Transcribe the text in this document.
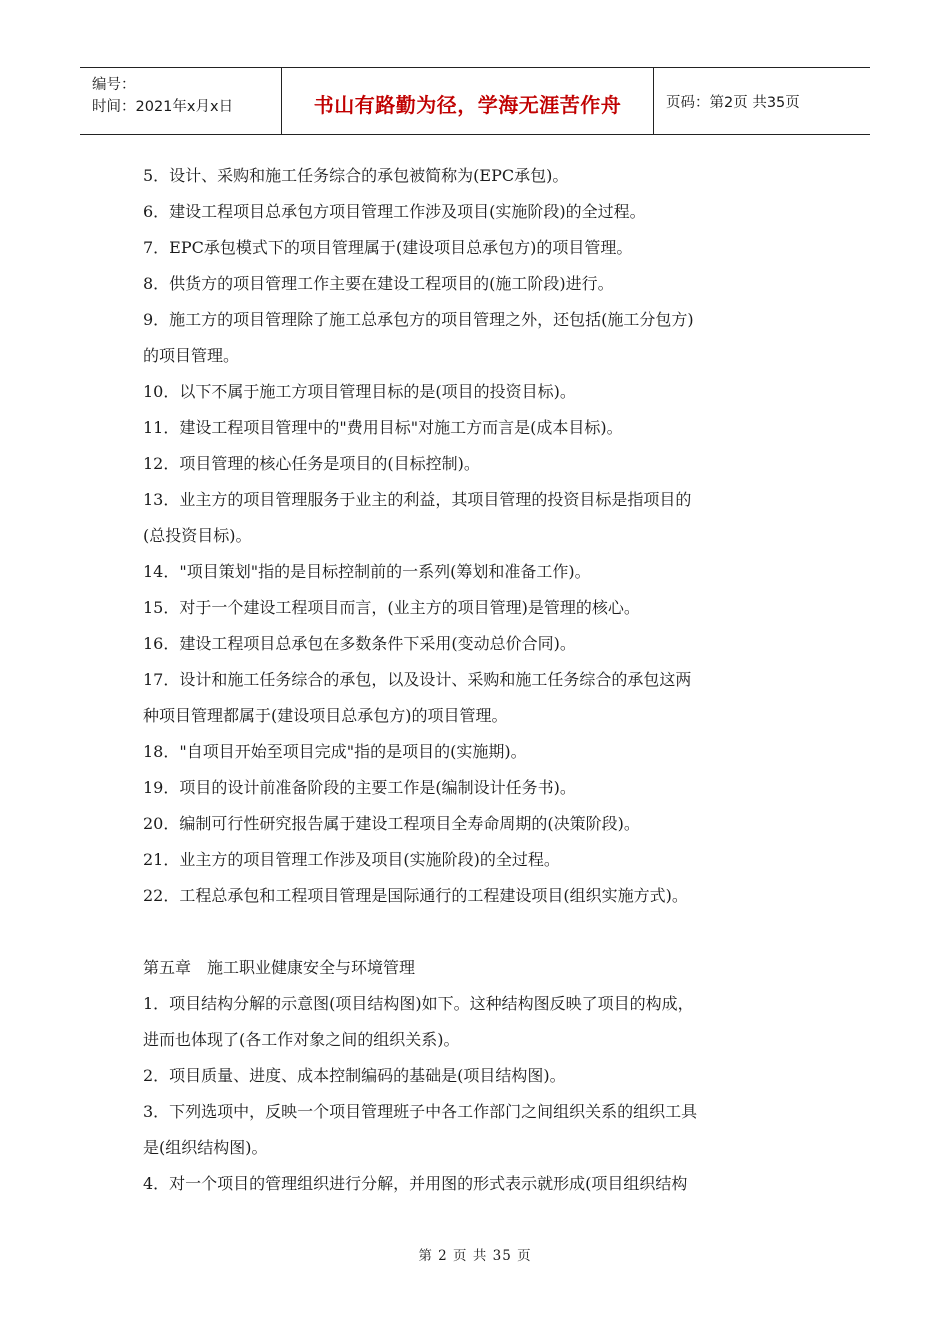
编号：
时间：2021年x月x日	书山有路勤为径，学海无涯苦作舟	页码：第2页 共35页

5．设计、采购和施工任务综合的承包被简称为(EPC承包)。

6．建设工程项目总承包方项目管理工作涉及项目(实施阶段)的全过程。

7．EPC承包模式下的项目管理属于(建设项目总承包方)的项目管理。

8．供货方的项目管理工作主要在建设工程项目的(施工阶段)进行。

9．施工方的项目管理除了施工总承包方的项目管理之外，还包括(施工分包方)

的项目管理。

10．以下不属于施工方项目管理目标的是(项目的投资目标)。

11．建设工程项目管理中的"费用目标"对施工方而言是(成本目标)。

12．项目管理的核心任务是项目的(目标控制)。

13．业主方的项目管理服务于业主的利益，其项目管理的投资目标是指项目的

(总投资目标)。

14．"项目策划"指的是目标控制前的一系列(筹划和准备工作)。

15．对于一个建设工程项目而言，(业主方的项目管理)是管理的核心。

16．建设工程项目总承包在多数条件下采用(变动总价合同)。

17．设计和施工任务综合的承包，以及设计、采购和施工任务综合的承包这两

种项目管理都属于(建设项目总承包方)的项目管理。

18．"自项目开始至项目完成"指的是项目的(实施期)。

19．项目的设计前准备阶段的主要工作是(编制设计任务书)。

20．编制可行性研究报告属于建设工程项目全寿命周期的(决策阶段)。

21．业主方的项目管理工作涉及项目(实施阶段)的全过程。

22．工程总承包和工程项目管理是国际通行的工程建设项目(组织实施方式)。

第五章　施工职业健康安全与环境管理

1．项目结构分解的示意图(项目结构图)如下。这种结构图反映了项目的构成，

进而也体现了(各工作对象之间的组织关系)。

2．项目质量、进度、成本控制编码的基础是(项目结构图)。

3．下列选项中，反映一个项目管理班子中各工作部门之间组织关系的组织工具

是(组织结构图)。

4．对一个项目的管理组织进行分解，并用图的形式表示就形成(项目组织结构

第 2 页 共 35 页
